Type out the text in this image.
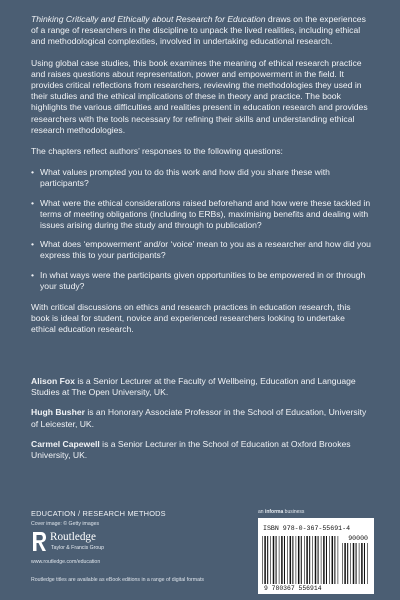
Thinking Critically and Ethically about Research for Education draws on the experiences of a range of researchers in the discipline to unpack the lived realities, including ethical and methodological complexities, involved in undertaking educational research.

Using global case studies, this book examines the meaning of ethical research practice and raises questions about representation, power and empowerment in the field. It provides critical reflections from researchers, reviewing the methodologies they used in their studies and the ethical implications of these in theory and practice. The book highlights the various difficulties and realities present in education research and provides researchers with the tools necessary for refining their skills and understanding ethical research methodologies.

The chapters reflect authors’ responses to the following questions:

• What values prompted you to do this work and how did you share these with participants?
• What were the ethical considerations raised beforehand and how were these tackled in terms of meeting obligations (including to ERBs), maximising benefits and dealing with issues arising during the study and through to publication?
• What does ‘empowerment’ and/or ‘voice’ mean to you as a researcher and how did you express this to your participants?
• In what ways were the participants given opportunities to be empowered in or through your study?

With critical discussions on ethics and research practices in education research, this book is ideal for student, novice and experienced researchers looking to undertake ethical education research.

Alison Fox is a Senior Lecturer at the Faculty of Wellbeing, Education and Language Studies at The Open University, UK.
Hugh Busher is an Honorary Associate Professor in the School of Education, University of Leicester, UK.
Carmel Capewell is a Senior Lecturer in the School of Education at Oxford Brookes University, UK.
EDUCATION / RESEARCH METHODS
Cover image: © Getty images
Routledge
Taylor & Francis Group
www.routledge.com/education
Routledge titles are available as eBook editions in a range of digital formats
ISBN 978-0-367-55691-4
90000
9 780367 556914
an informa business
